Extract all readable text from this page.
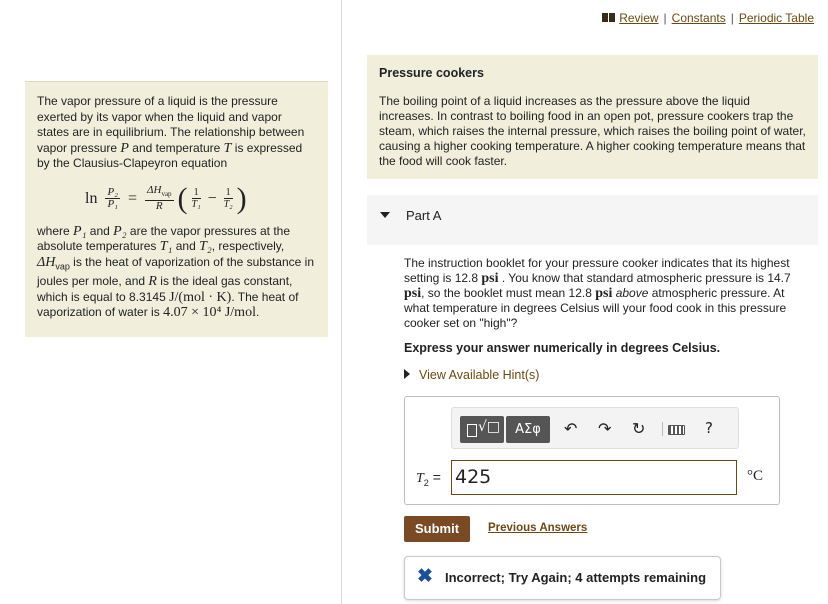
Review | Constants | Periodic Table
The vapor pressure of a liquid is the pressure exerted by its vapor when the liquid and vapor states are in equilibrium. The relationship between vapor pressure P and temperature T is expressed by the Clausius-Clapeyron equation
$\ln \frac{\text{P₂}}{\text{P₁}} = \frac{\Delta H_{vap}}{R}$ ( $\frac{1}{\text{T₁}} - \frac{1}{\text{T₂}}$ )
where P₁ and P₂ are the vapor pressures at the absolute temperatures T₁ and T₂, respectively, $\Delta H_{vap}$ is the heat of vaporization of the substance in joules per mole, and R is the ideal gas constant, which is equal to 8.3145 J/(mol · K). The heat of vaporization of water is 4.07 × 10⁴ J/mol.
Pressure cookers
The boiling point of a liquid increases as the pressure above the liquid increases. In contrast to boiling food in an open pot, pressure cookers trap the steam, which raises the internal pressure, which raises the boiling point of water, causing a higher cooking temperature. A higher cooking temperature means that the food will cook faster.
Part A
The instruction booklet for your pressure cooker indicates that its highest setting is 12.8 psi . You know that standard atmospheric pressure is 14.7 psi, so the booklet must mean 12.8 psi above atmospheric pressure. At what temperature in degrees Celsius will your food cook in this pressure cooker set on "high"?
Express your answer numerically in degrees Celsius.
View Available Hint(s)
√□	AΣφ	↶ ↷ ↻	?
$T_2 = 425$	°C
Submit	Previous Answers
✖ Incorrect; Try Again; 4 attempts remaining
